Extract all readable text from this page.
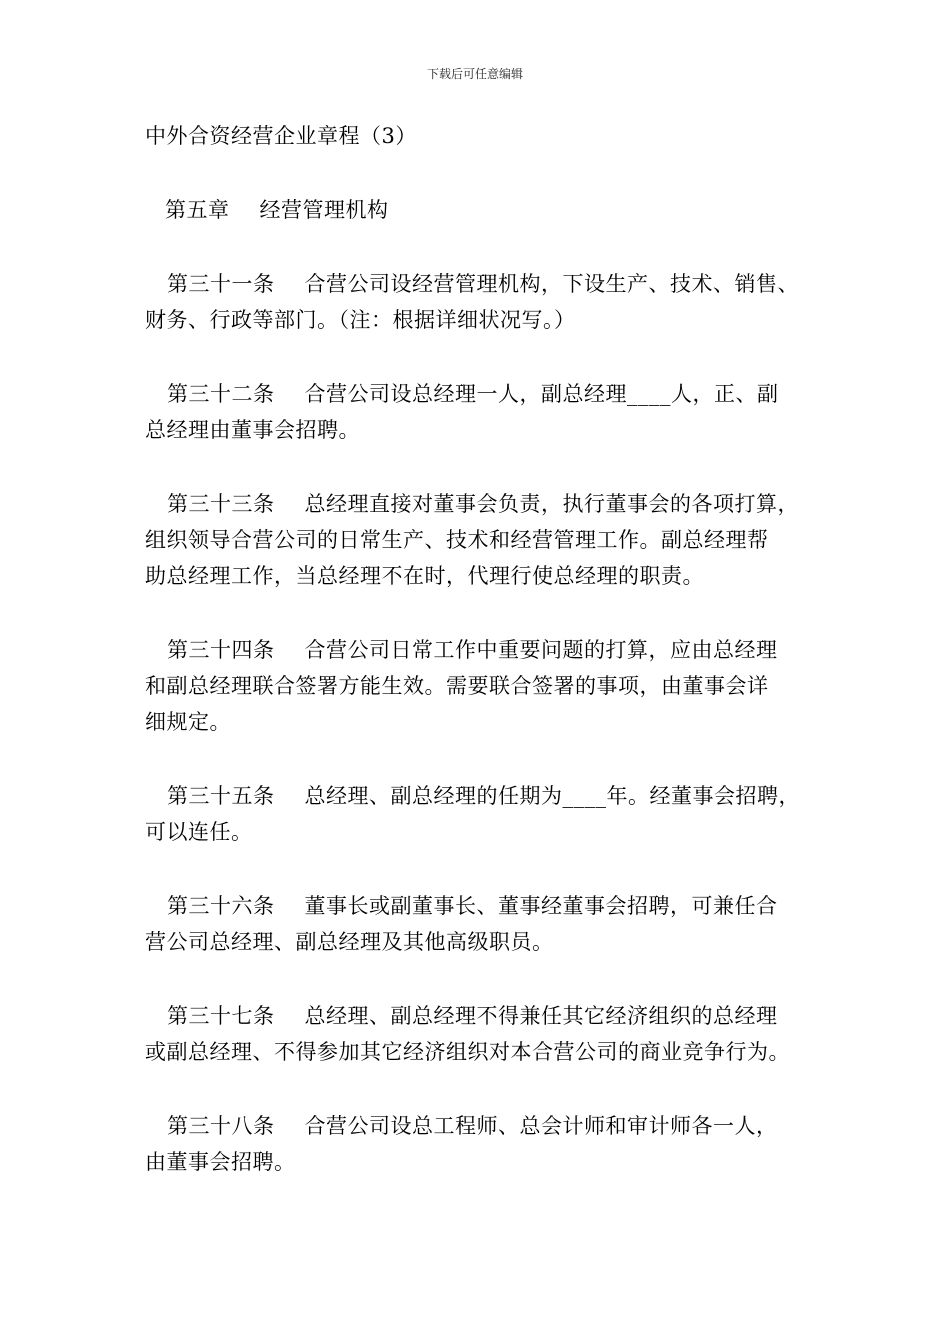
下载后可任意编辑
中外合资经营企业章程（3）
第五章 经营管理机构
第三十一条 合营公司设经营管理机构，下设生产、技术、销售、
财务、行政等部门。（注：根据详细状况写。）
第三十二条 合营公司设总经理一人，副总经理____人，正、副
总经理由董事会招聘。
第三十三条 总经理直接对董事会负责，执行董事会的各项打算，
组织领导合营公司的日常生产、技术和经营管理工作。副总经理帮
助总经理工作，当总经理不在时，代理行使总经理的职责。
第三十四条 合营公司日常工作中重要问题的打算，应由总经理
和副总经理联合签署方能生效。需要联合签署的事项，由董事会详
细规定。
第三十五条 总经理、副总经理的任期为____年。经董事会招聘，
可以连任。
第三十六条 董事长或副董事长、董事经董事会招聘，可兼任合
营公司总经理、副总经理及其他高级职员。
第三十七条 总经理、副总经理不得兼任其它经济组织的总经理
或副总经理、不得参加其它经济组织对本合营公司的商业竞争行为。
第三十八条 合营公司设总工程师、总会计师和审计师各一人，
由董事会招聘。
